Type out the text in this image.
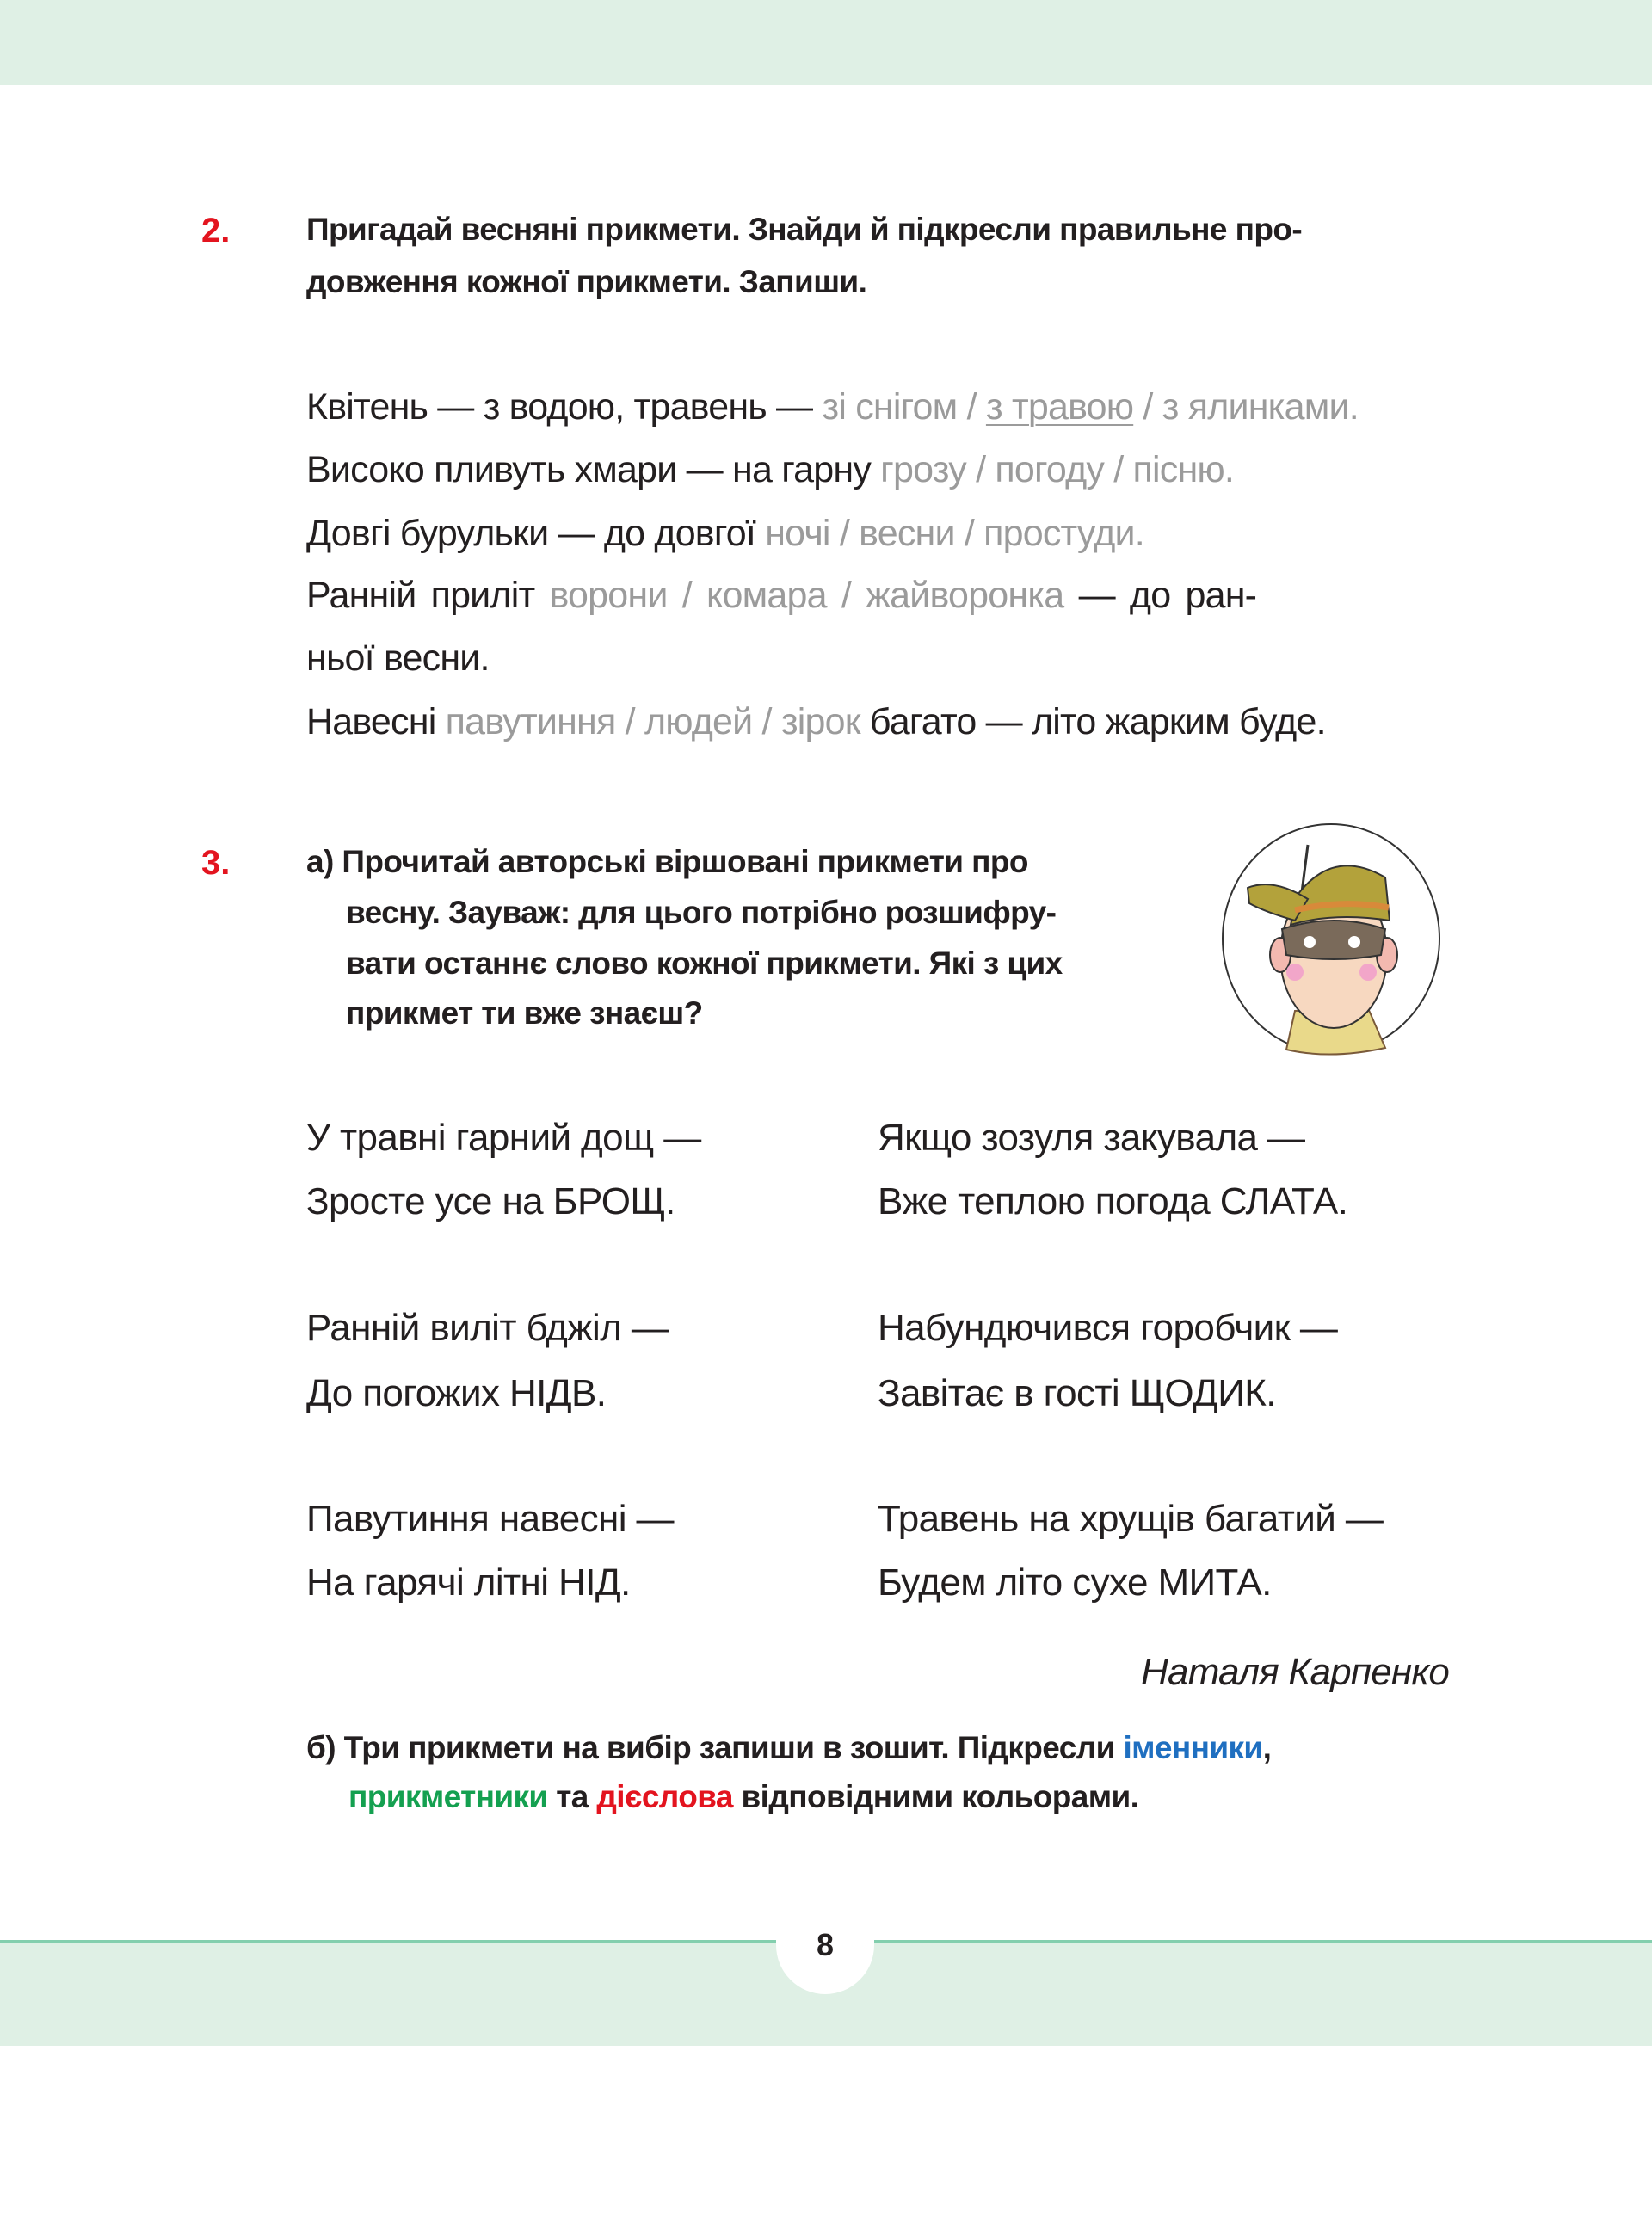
2. Пригадай весняні прикмети. Знайди й підкресли правильне про-
довження кожної прикмети. Запиши.
Квітень — з водою, травень — зі снігом / з травою / з ялинками.
Високо пливуть хмари — на гарну грозу / погоду / пісню.
Довгі бурульки — до довгої ночі / весни / простуди.
Ранній приліт ворони / комара / жайворонка — до ран-
ньої весни.
Навесні павутиння / людей / зірок багато — літо жарким буде.
3. а) Прочитай авторські віршовані прикмети про
весну. Зауваж: для цього потрібно розшифру-
вати останнє слово кожної прикмети. Які з цих
прикмет ти вже знаєш?
У травні гарний дощ —
Зросте усе на БРОЩ.
Якщо зозуля закувала —
Вже теплою погода СЛАТА.
Ранній виліт бджіл —
До погожих НІДВ.
Набундючився горобчик —
Завітає в гості ЩОДИК.
Павутиння навесні —
На гарячі літні НІД.
Травень на хрущів багатий —
Будем літо сухе МИТА.
Наталя Карпенко
б) Три прикмети на вибір запиши в зошит. Підкресли іменники,
прикметники та дієслова відповідними кольорами.
8
